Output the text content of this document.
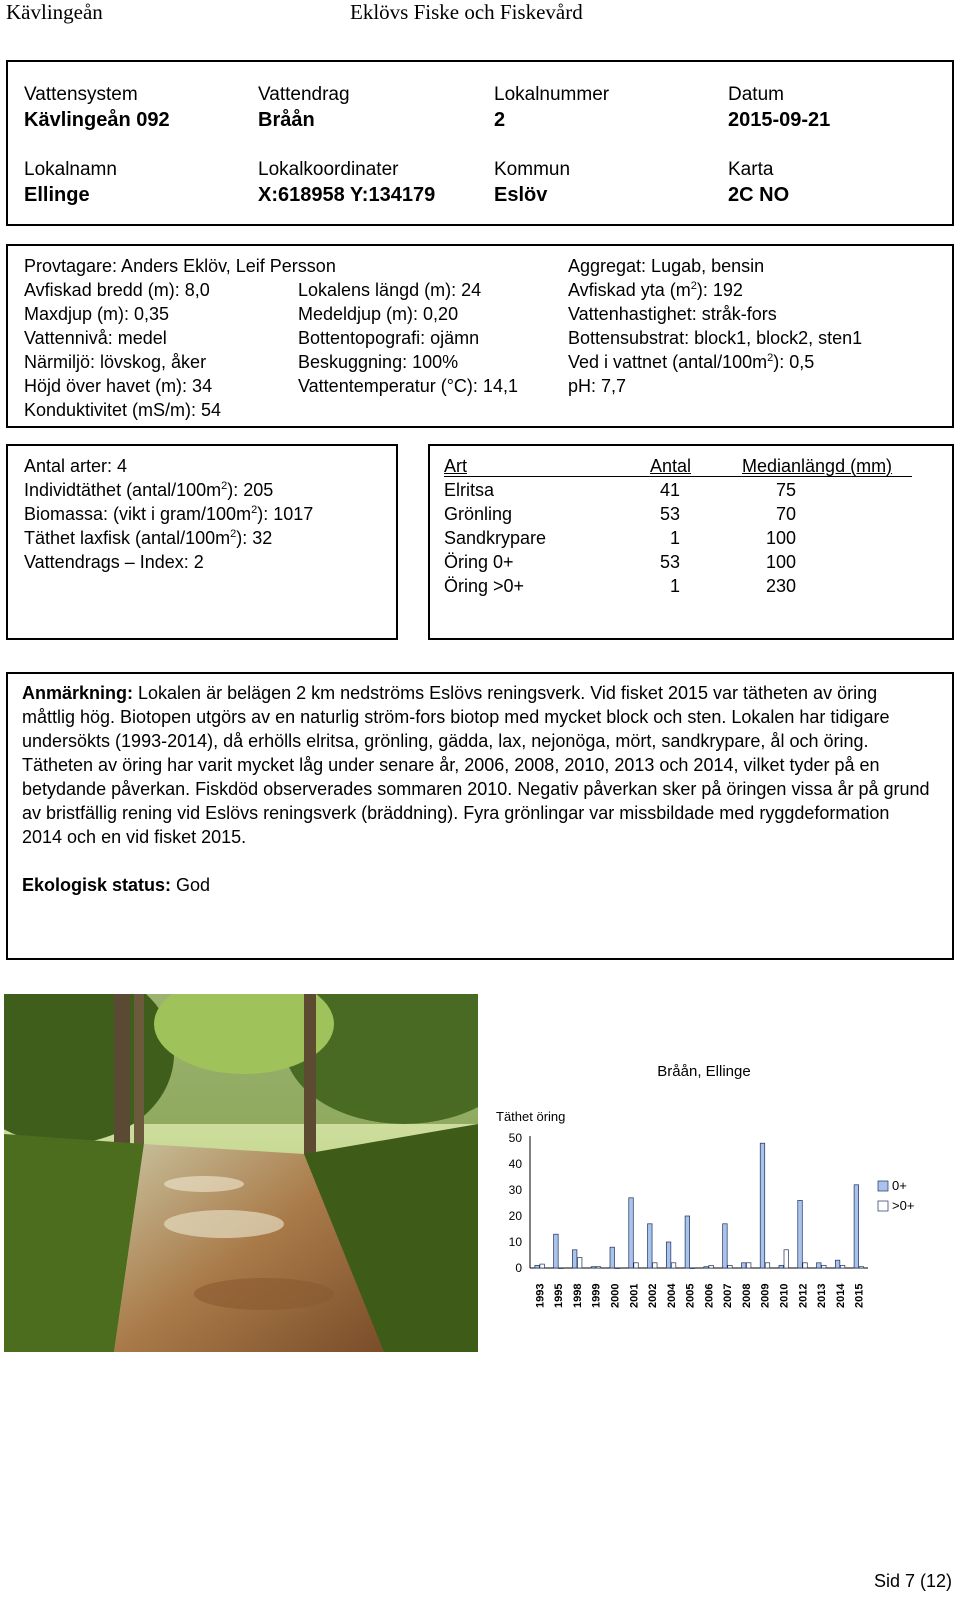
Kävlingeån	Eklövs Fiske och Fiskevård
Vattensystem	Vattendrag	Lokalnummer	Datum
Kävlingeån 092	Bråån	2	2015-09-21
Lokalnamn	Lokalkoordinater	Kommun	Karta
Ellinge	X:618958 Y:134179	Eslöv	2C NO
Provtagare: Anders Eklöv, Leif Persson	Aggregat: Lugab, bensin
Avfiskad bredd (m): 8,0	Lokalens längd (m): 24	Avfiskad yta $(m^2)$: 192
Maxdjup (m): 0,35	Medeldjup (m): 0,20	Vattenhastighet: stråk-fors
Vattennivå: medel	Bottentopografi: ojämn	Bottensubstrat: block1, block2, sten1
Närmiljö: lövskog, åker	Beskuggning: 100%	Ved i vattnet $(antal/100m^2)$: 0,5
Höjd över havet (m): 34	Vattentemperatur (°C): 14,1	pH: 7,7
Konduktivitet (mS/m): 54
Antal arter: 4
Individtäthet $(antal/100m^2)$: 205
Biomassa: (vikt i gram/$100m^2$): 1017
Täthet laxfisk $(antal/100m^2)$: 32
Vattendrags – Index: 2
Art	Antal	Medianlängd (mm)
Elritsa	41	75
Grönling	53	70
Sandkrypare	1	100
Öring 0+	53	100
Öring >0+	1	230
Anmärkning: Lokalen är belägen 2 km nedströms Eslövs reningsverk. Vid fisket 2015 var tätheten av öring måttlig hög. Biotopen utgörs av en naturlig ström-fors biotop med mycket block och sten. Lokalen har tidigare undersökts (1993-2014), då erhölls elritsa, grönling, gädda, lax, nejonöga, mört, sandkrypare, ål och öring. Tätheten av öring har varit mycket låg under senare år, 2006, 2008, 2010, 2013 och 2014, vilket tyder på en betydande påverkan. Fiskdöd observerades sommaren 2010. Negativ påverkan sker på öringen vissa år på grund av bristfällig rening vid Eslövs reningsverk (bräddning). Fyra grönlingar var missbildade med ryggdeformation 2014 och en vid fisket 2015.
Ekologisk status: God
Bråån, Ellinge
Täthet öring
0
10
20
30
40
50
1993 1995 1998 1999 2000 2001 2002 2004 2005 2006 2007 2008 2009 2010 2012 2013 2014 2015
0+
>0+
Sid 7 (12)
